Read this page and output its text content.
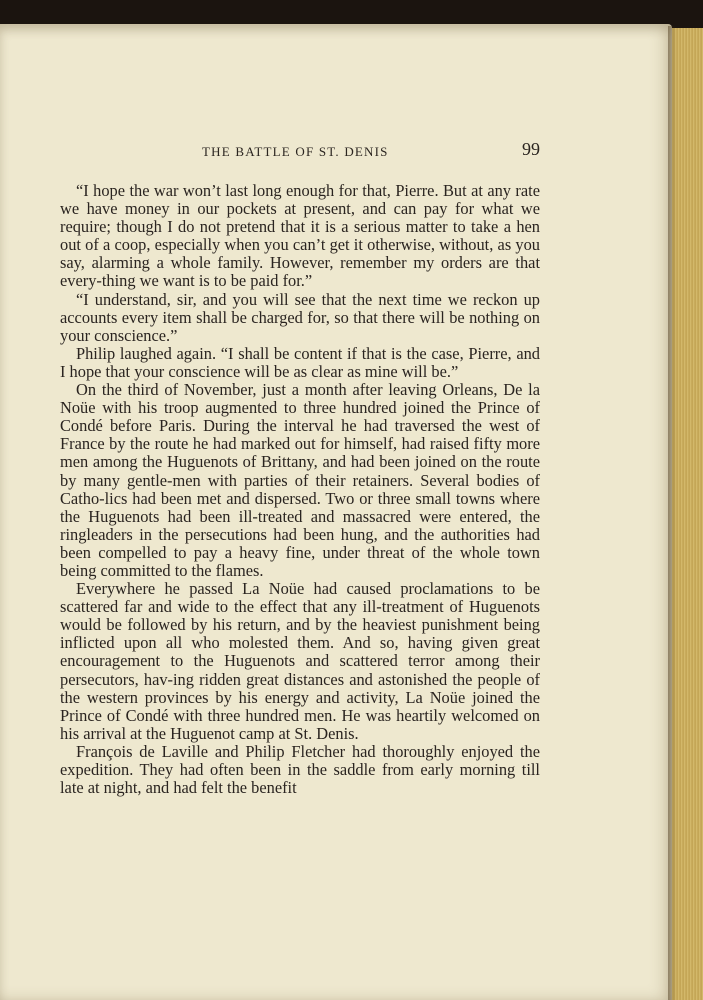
THE BATTLE OF ST. DENIS	99

“I hope the war won’t last long enough for that, Pierre. But at any rate we have money in our pockets at present, and can pay for what we require; though I do not pretend that it is a serious matter to take a hen out of a coop, especially when you can’t get it otherwise, without, as you say, alarming a whole family. However, remember my orders are that every-thing we want is to be paid for.”

“I understand, sir, and you will see that the next time we reckon up accounts every item shall be charged for, so that there will be nothing on your conscience.”

Philip laughed again. “I shall be content if that is the case, Pierre, and I hope that your conscience will be as clear as mine will be.”

On the third of November, just a month after leaving Orleans, De la Noüe with his troop augmented to three hundred joined the Prince of Condé before Paris. During the interval he had traversed the west of France by the route he had marked out for himself, had raised fifty more men among the Huguenots of Brittany, and had been joined on the route by many gentle-men with parties of their retainers. Several bodies of Catho-lics had been met and dispersed. Two or three small towns where the Huguenots had been ill-treated and massacred were entered, the ringleaders in the persecutions had been hung, and the authorities had been compelled to pay a heavy fine, under threat of the whole town being committed to the flames.

Everywhere he passed La Noüe had caused proclamations to be scattered far and wide to the effect that any ill-treatment of Huguenots would be followed by his return, and by the heaviest punishment being inflicted upon all who molested them. And so, having given great encouragement to the Huguenots and scattered terror among their persecutors, hav-ing ridden great distances and astonished the people of the western provinces by his energy and activity, La Noüe joined the Prince of Condé with three hundred men. He was heartily welcomed on his arrival at the Huguenot camp at St. Denis.

François de Laville and Philip Fletcher had thoroughly enjoyed the expedition. They had often been in the saddle from early morning till late at night, and had felt the benefit
